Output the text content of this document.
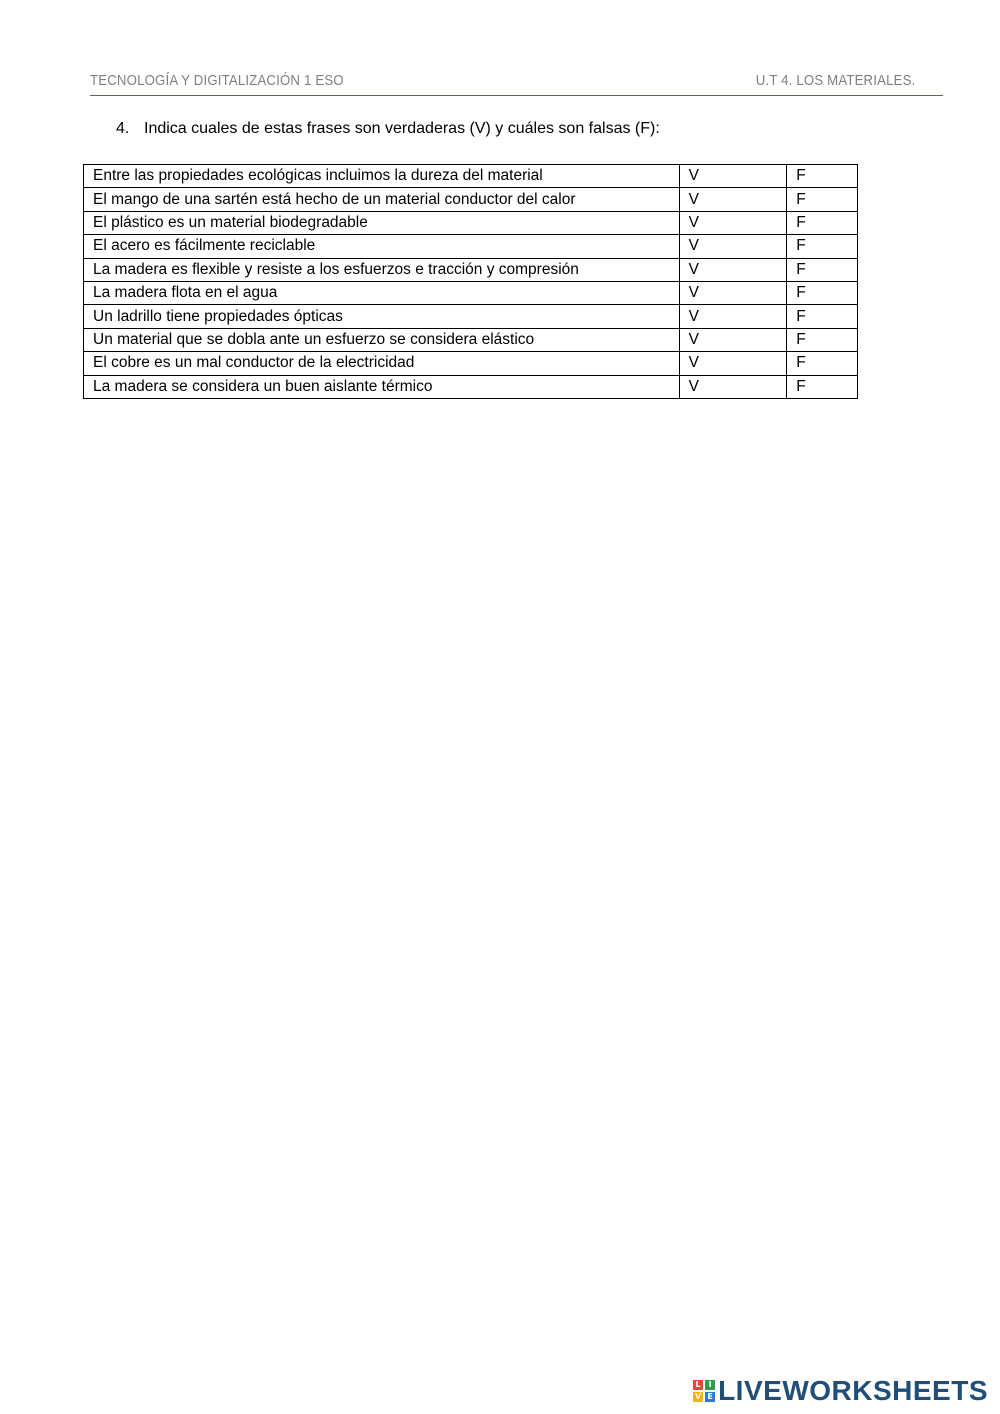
TECNOLOGÍA Y DIGITALIZACIÓN 1 ESO	U.T 4. LOS MATERIALES.
4. Indica cuales de estas frases son verdaderas (V) y cuáles son falsas (F):
Entre las propiedades ecológicas incluimos la dureza del material	V	F
El mango de una sartén está hecho de un material conductor del calor	V	F
El plástico es un material biodegradable	V	F
El acero es fácilmente reciclable	V	F
La madera es flexible y resiste a los esfuerzos e tracción y compresión	V	F
La madera flota en el agua	V	F
Un ladrillo tiene propiedades ópticas	V	F
Un material que se dobla ante un esfuerzo se considera elástico	V	F
El cobre es un mal conductor de la electricidad	V	F
La madera se considera un buen aislante térmico	V	F
L I
V E LIVEWORKSHEETS
